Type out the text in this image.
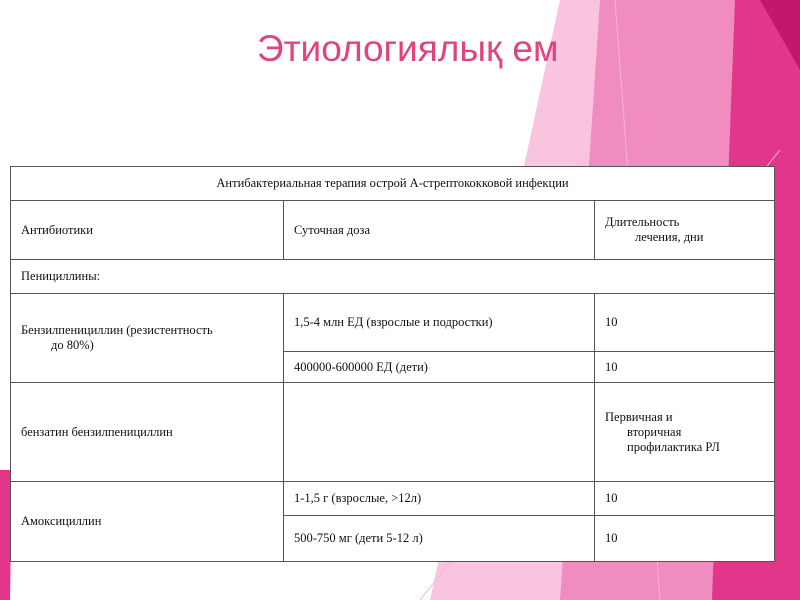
Этиологиялық ем
Антибактериальная терапия острой А-стрептококковой инфекции		
Антибиотики	Суточная доза	Длительность
лечения, дни

Пенициллины:		

Бензилпенициллин (резистентность
до 80%)	1,5-4 млн ЕД (взрослые и подростки)	10
	400000-600000 ЕД (дети)	10
бензатин бензилпенициллин		Первичная и
вторичная
профилактика РЛ

Амоксициллин	1-1,5 г (взрослые, >12л)	10
	500-750 мг (дети 5-12 л)	10
